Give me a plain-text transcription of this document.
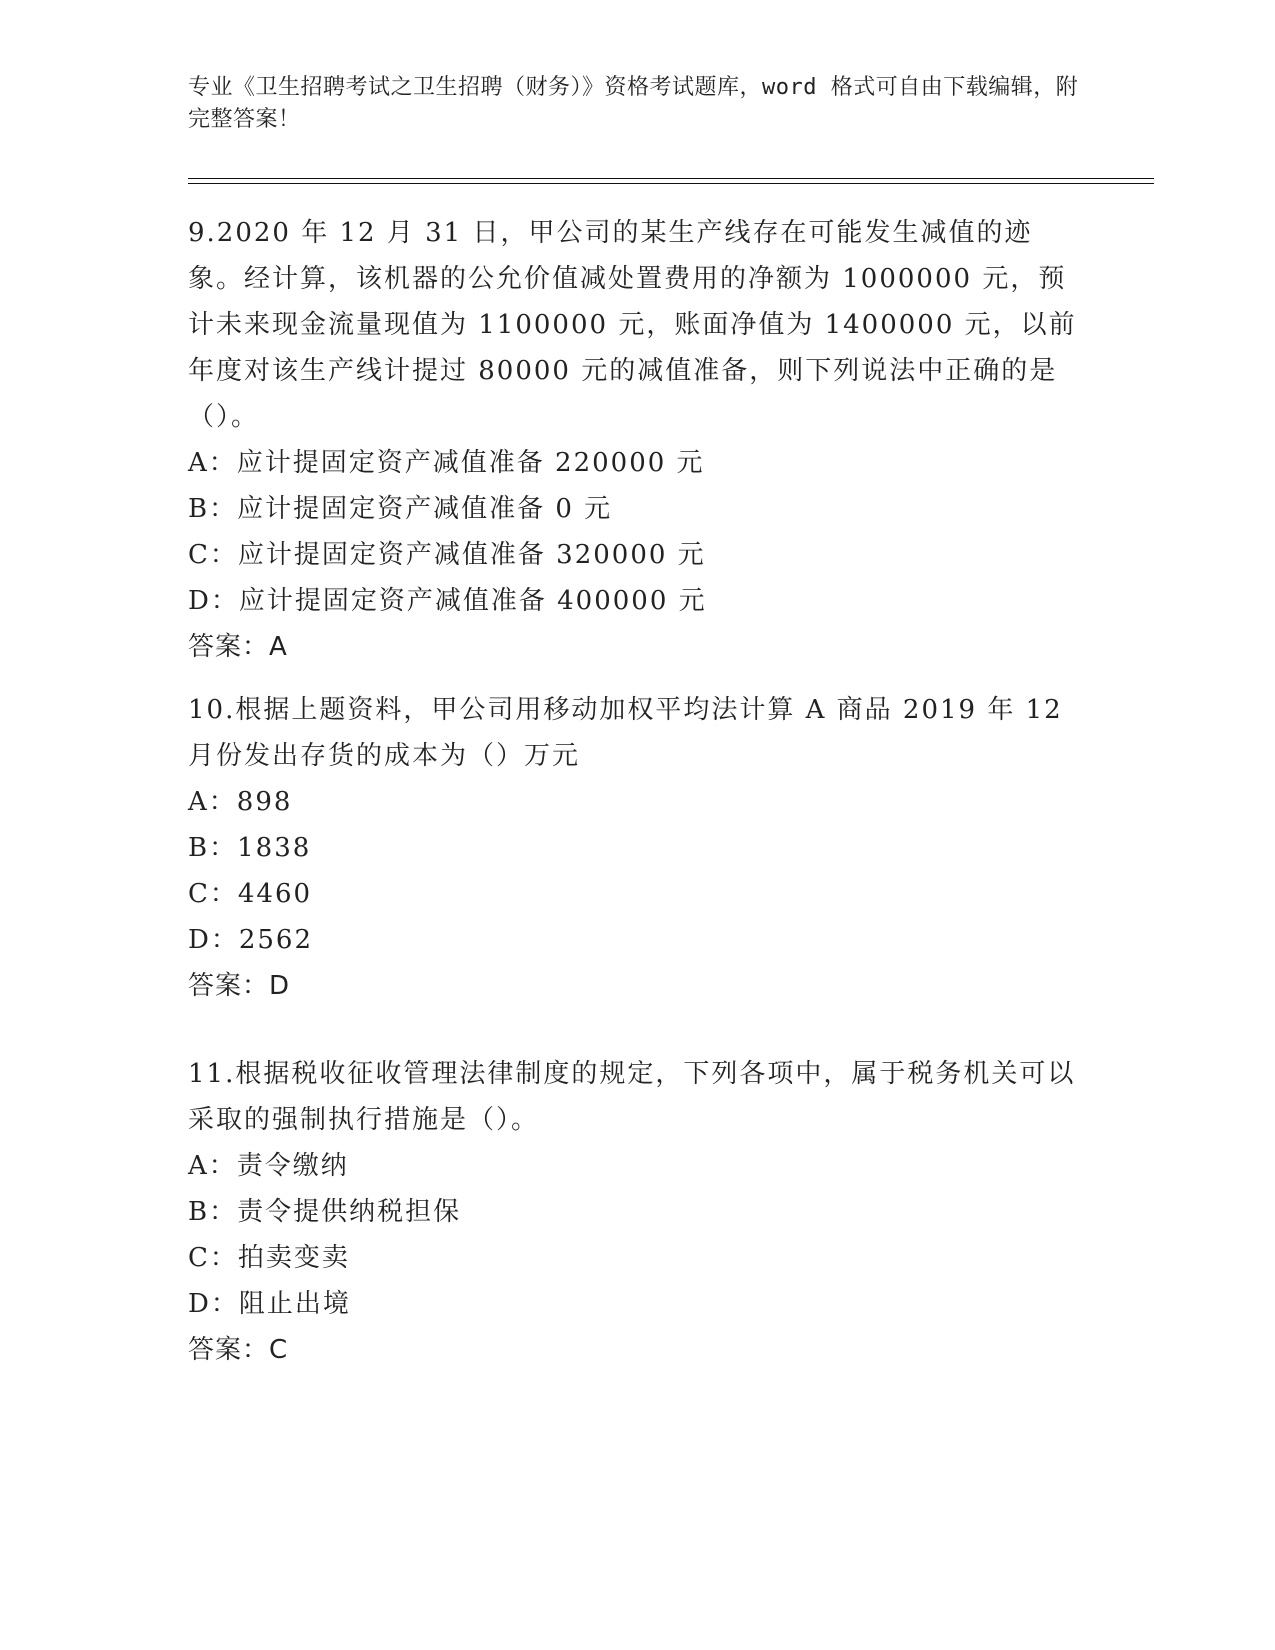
专业《卫生招聘考试之卫生招聘（财务）》资格考试题库，word 格式可自由下载编辑，附完整答案！

9.2020 年 12 月 31 日，甲公司的某生产线存在可能发生减值的迹象。经计算，该机器的公允价值减处置费用的净额为 1000000 元，预计未来现金流量现值为 1100000 元，账面净值为 1400000 元，以前年度对该生产线计提过 80000 元的减值准备，则下列说法中正确的是（）。

A：应计提固定资产减值准备 220000 元

B：应计提固定资产减值准备 0 元

C：应计提固定资产减值准备 320000 元

D：应计提固定资产减值准备 400000 元

答案：A

10.根据上题资料，甲公司用移动加权平均法计算 A 商品 2019 年 12 月份发出存货的成本为（）万元

A：898

B：1838

C：4460

D：2562

答案：D

11.根据税收征收管理法律制度的规定，下列各项中，属于税务机关可以采取的强制执行措施是（）。

A：责令缴纳

B：责令提供纳税担保

C：拍卖变卖

D：阻止出境

答案：C
